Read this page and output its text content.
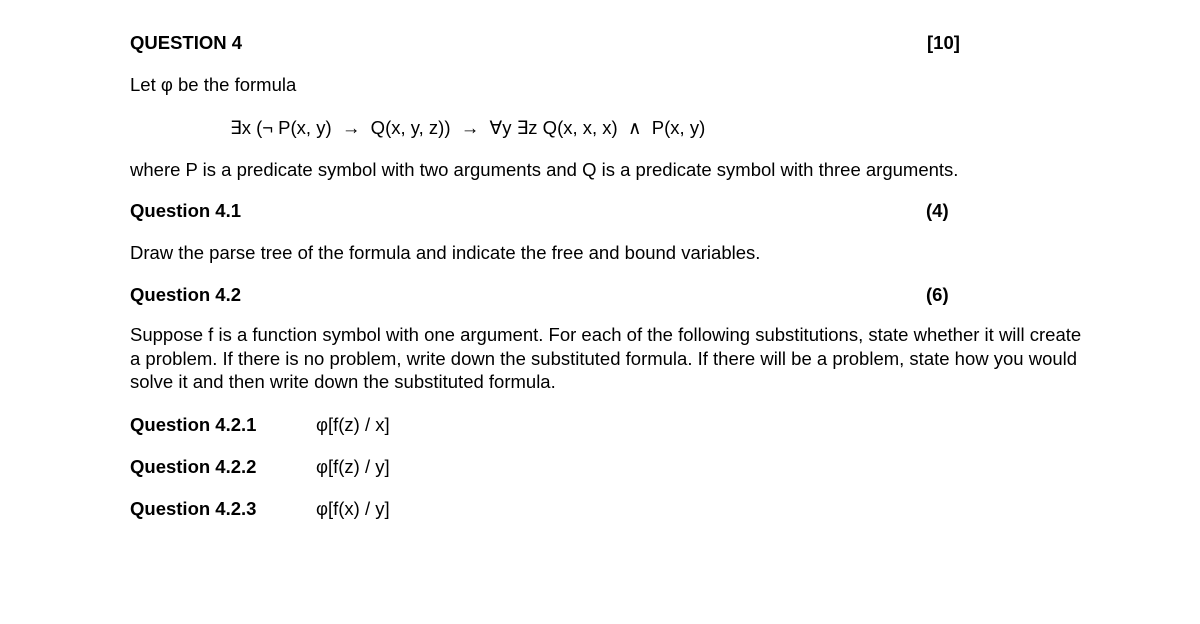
QUESTION 4	[10]
Let φ be the formula
∃x (¬ P(x, y)  →  Q(x, y, z))  →  ∀y ∃z Q(x, x, x)  ∧  P(x, y)
where P is a predicate symbol with two arguments and Q is a predicate symbol with three arguments.
Question 4.1	(4)
Draw the parse tree of the formula and indicate the free and bound variables.
Question 4.2	(6)
Suppose f is a function symbol with one argument. For each of the following substitutions, state whether it will create a problem. If there is no problem, write down the substituted formula. If there will be a problem, state how you would solve it and then write down the substituted formula.
Question 4.2.1	φ[f(z) / x]
Question 4.2.2	φ[f(z) / y]
Question 4.2.3	φ[f(x) / y]
